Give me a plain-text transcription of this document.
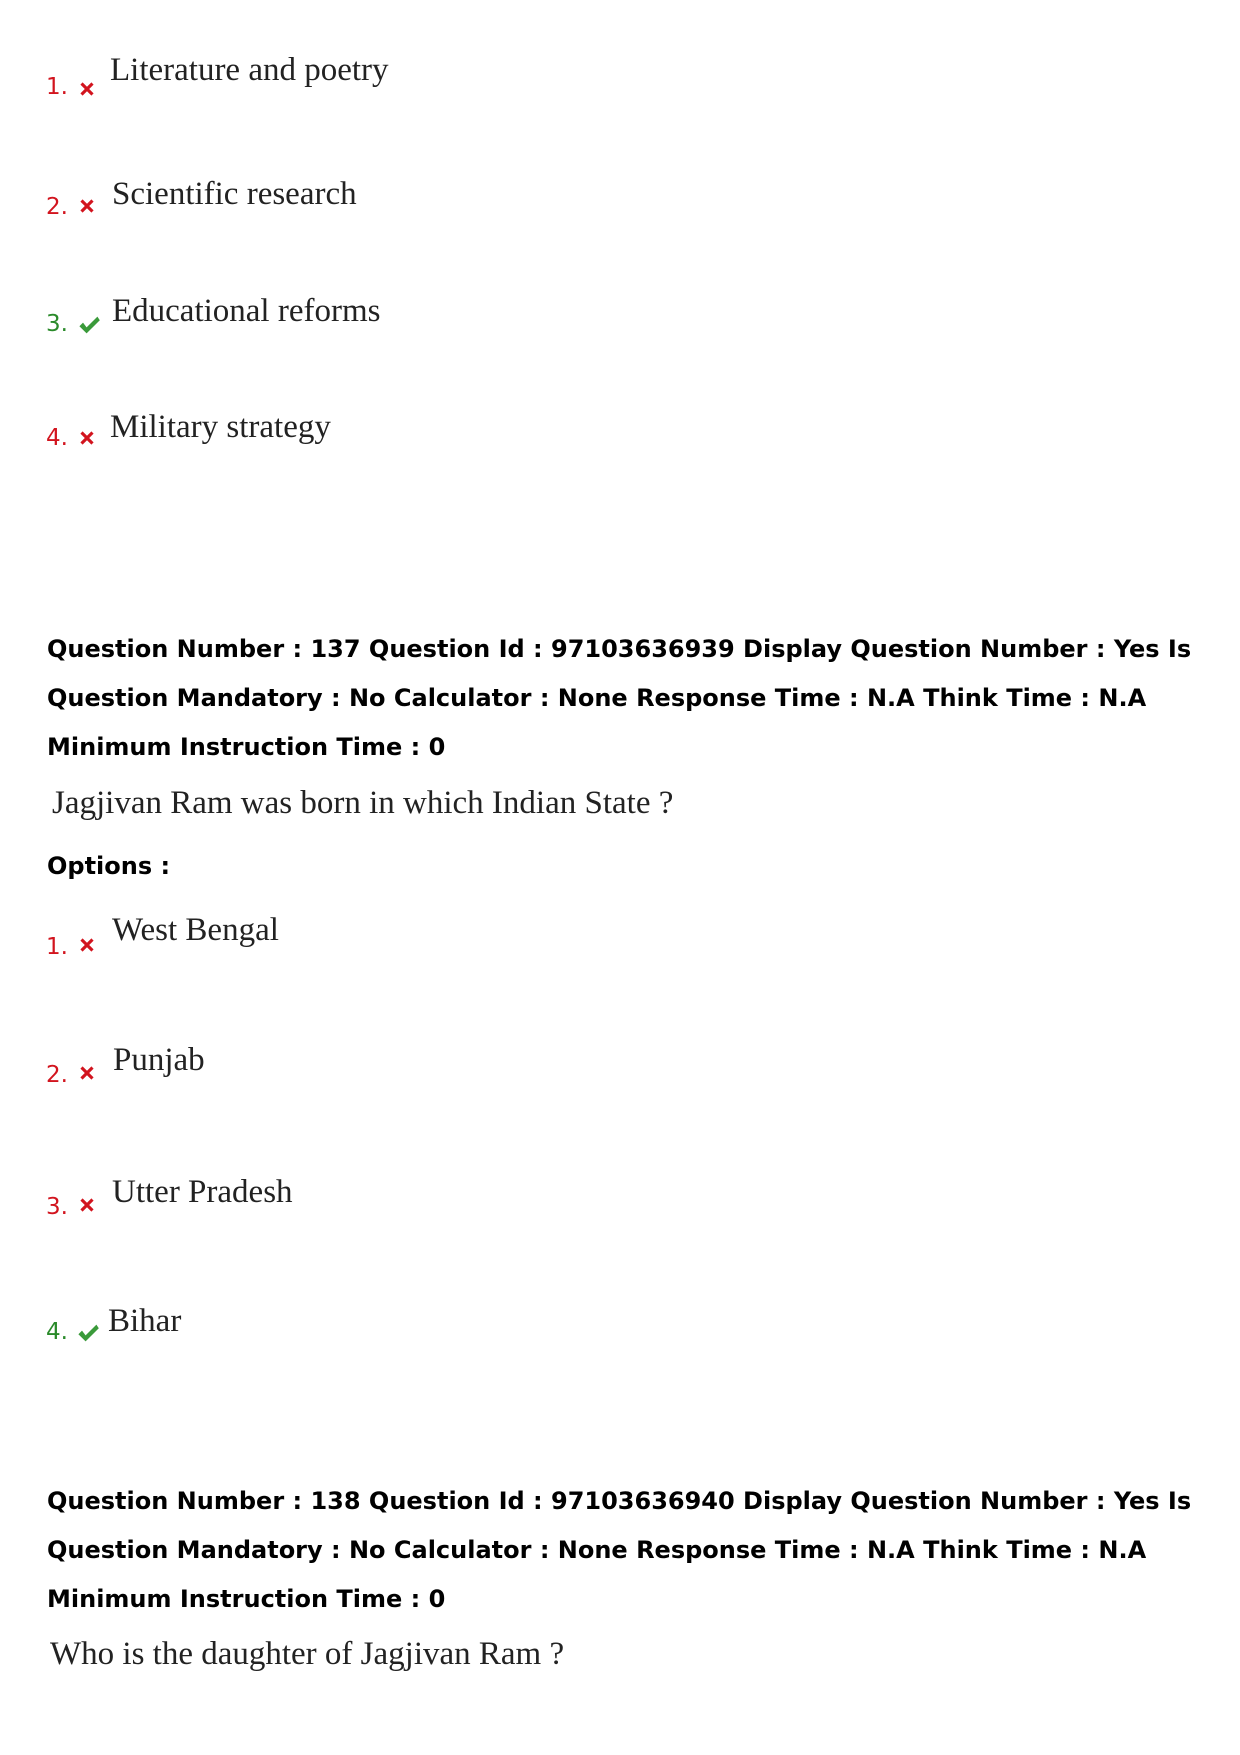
1. Literature and poetry
2. Scientific research
3. Educational reforms
4. Military strategy
Question Number : 137 Question Id : 97103636939 Display Question Number : Yes Is Question Mandatory : No Calculator : None Response Time : N.A Think Time : N.A Minimum Instruction Time : 0
Jagjivan Ram was born in which Indian State ?
Options :
1. West Bengal
2. Punjab
3. Utter Pradesh
4. Bihar
Question Number : 138 Question Id : 97103636940 Display Question Number : Yes Is Question Mandatory : No Calculator : None Response Time : N.A Think Time : N.A Minimum Instruction Time : 0
Who is the daughter of Jagjivan Ram ?
